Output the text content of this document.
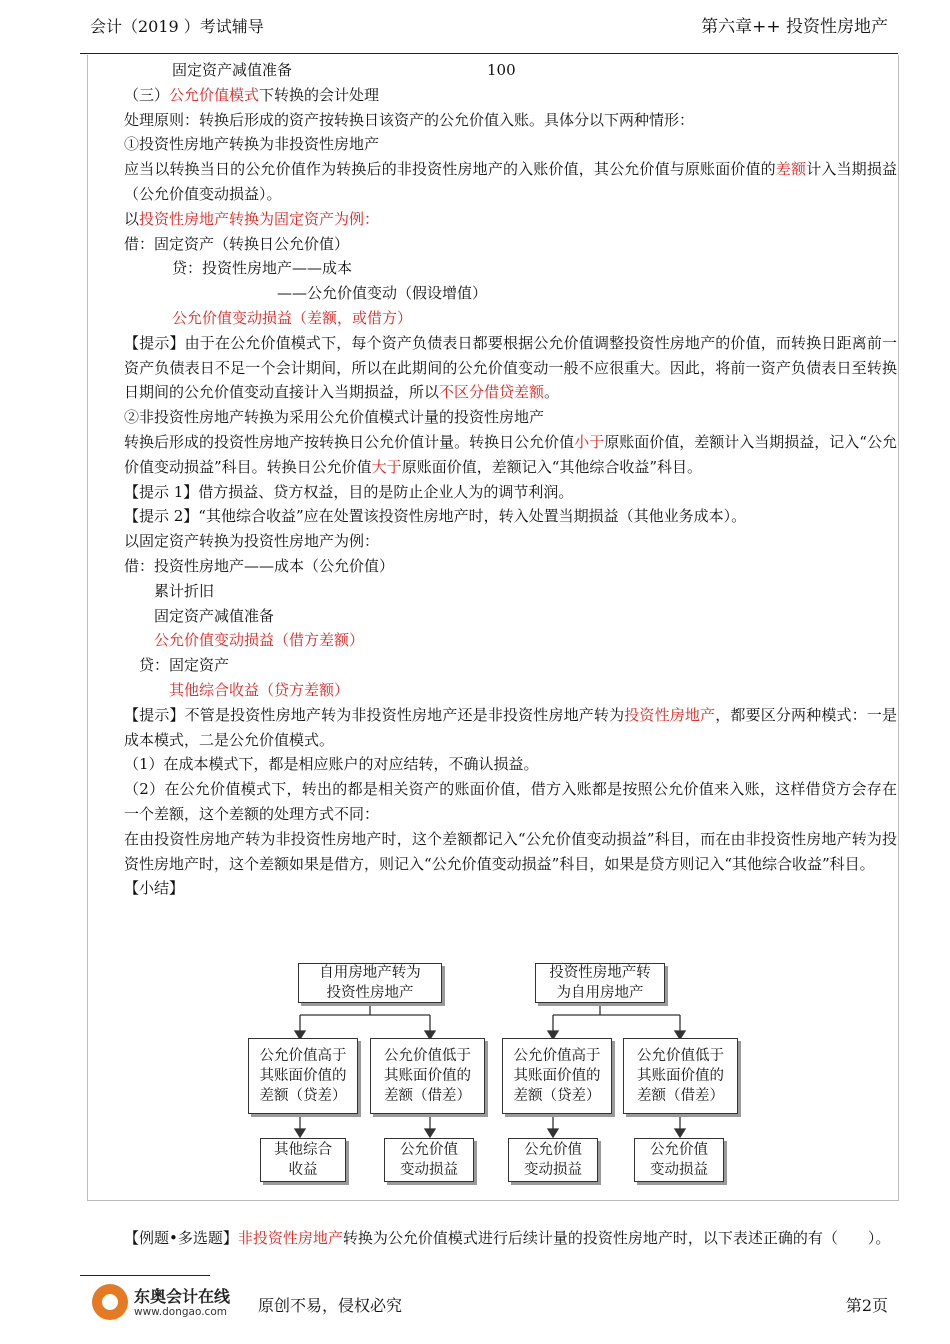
会计（2019 ）考试辅导	第六章++ 投资性房地产

固定资产减值准备　　　　　　　　　　　　　100

（三）公允价值模式下转换的会计处理

处理原则：转换后形成的资产按转换日该资产的公允价值入账。具体分以下两种情形：

①投资性房地产转换为非投资性房地产

应当以转换当日的公允价值作为转换后的非投资性房地产的入账价值，其公允价值与原账面价值的差额计入当期损益（公允价值变动损益）。

以投资性房地产转换为固定资产为例：

借：固定资产（转换日公允价值）

贷：投资性房地产——成本

　　　　　　　——公允价值变动（假设增值）

公允价值变动损益（差额，或借方）

【提示】由于在公允价值模式下，每个资产负债表日都要根据公允价值调整投资性房地产的价值，而转换日距离前一资产负债表日不足一个会计期间，所以在此期间的公允价值变动一般不应很重大。因此，将前一资产负债表日至转换日期间的公允价值变动直接计入当期损益，所以不区分借贷差额。

②非投资性房地产转换为采用公允价值模式计量的投资性房地产

转换后形成的投资性房地产按转换日公允价值计量。转换日公允价值小于原账面价值，差额计入当期损益，记入“公允价值变动损益”科目。转换日公允价值大于原账面价值，差额记入“其他综合收益”科目。

【提示 1】借方损益、贷方权益，目的是防止企业人为的调节利润。

【提示 2】“其他综合收益”应在处置该投资性房地产时，转入处置当期损益（其他业务成本）。

以固定资产转换为投资性房地产为例：

借：投资性房地产——成本（公允价值）

　　累计折旧

　　固定资产减值准备

　　公允价值变动损益（借方差额）

　贷：固定资产

　　　其他综合收益（贷方差额）

【提示】不管是投资性房地产转为非投资性房地产还是非投资性房地产转为投资性房地产，都要区分两种模式：一是成本模式，二是公允价值模式。

（1）在成本模式下，都是相应账户的对应结转，不确认损益。

（2）在公允价值模式下，转出的都是相关资产的账面价值，借方入账都是按照公允价值来入账，这样借贷方会存在一个差额，这个差额的处理方式不同：

在由投资性房地产转为非投资性房地产时，这个差额都记入“公允价值变动损益”科目，而在由非投资性房地产转为投资性房地产时，这个差额如果是借方，则记入“公允价值变动损益”科目，如果是贷方则记入“其他综合收益”科目。

【小结】

自用房地产转为
投资性房地产
投资性房地产转
为自用房地产
公允价值高于
其账面价值的
差额（贷差）
公允价值低于
其账面价值的
差额（借差）
公允价值高于
其账面价值的
差额（贷差）
公允价值低于
其账面价值的
差额（借差）
其他综合
收益
公允价值
变动损益
公允价值
变动损益
公允价值
变动损益

【例题•多选题】非投资性房地产转换为公允价值模式进行后续计量的投资性房地产时，以下表述正确的有（　　）。

东奥会计在线
www.dongao.com 原创不易，侵权必究	第2页
